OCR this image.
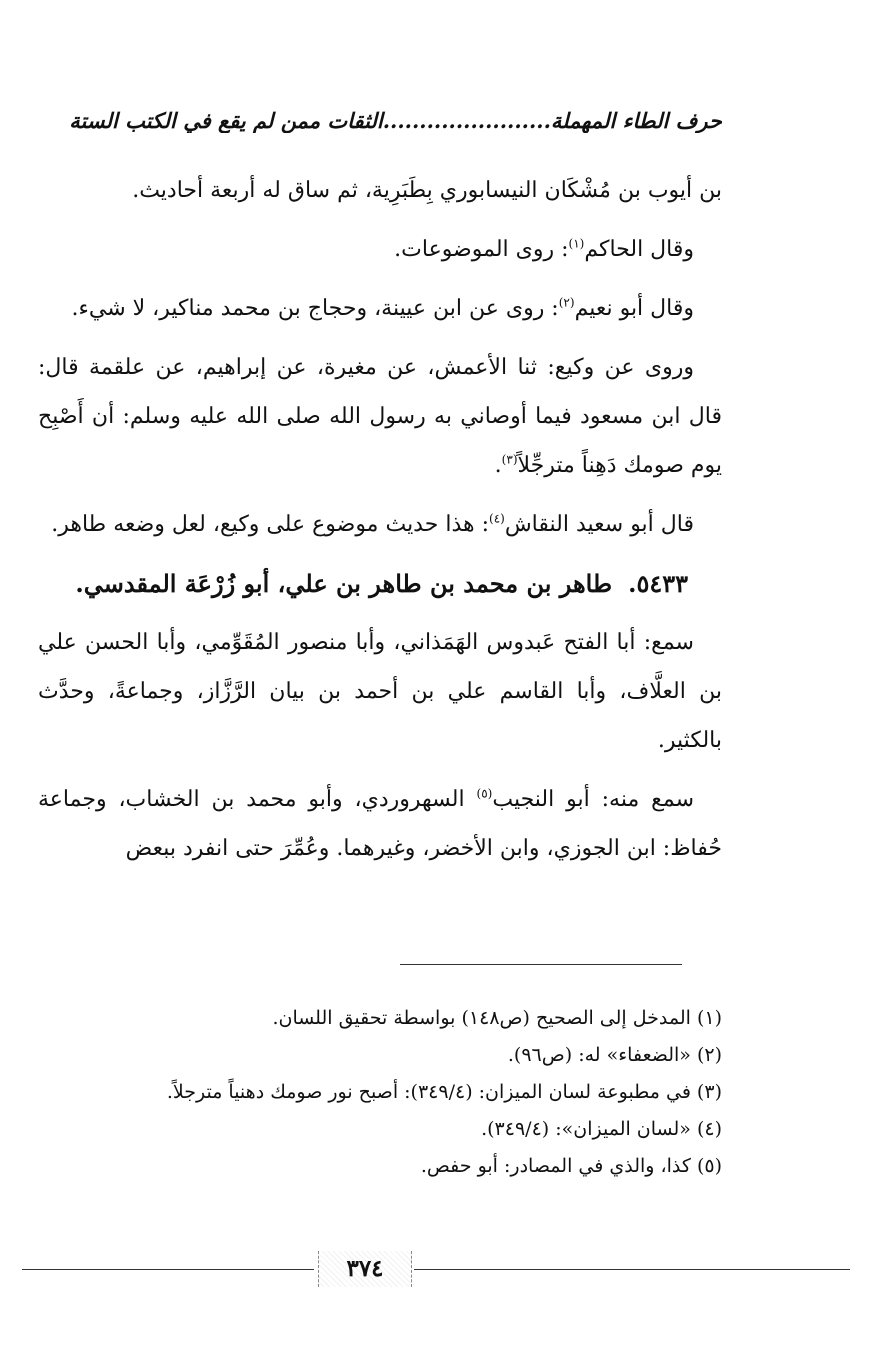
حرف الطاء المهملة.......................الثقات ممن لم يقع في الكتب الستة

بن أيوب بن مُشْكَان النيسابوري بِطَبَرِية، ثم ساق له أربعة أحاديث.

وقال الحاكم$^{(١)}$: روى الموضوعات.

وقال أبو نعيم$^{(٢)}$: روى عن ابن عيينة، وحجاج بن محمد مناكير، لا شيء.

وروى عن وكيع: ثنا الأعمش، عن مغيرة، عن إبراهيم، عن علقمة قال: قال ابن مسعود فيما أوصاني به رسول الله صلى الله عليه وسلم: أن أَصْبِح يوم صومك دَهِناً مترجِّلاً$^{(٣)}$.

قال أبو سعيد النقاش$^{(٤)}$: هذا حديث موضوع على وكيع، لعل وضعه طاهر.

٥٤٣٣.طاهر بن محمد بن طاهر بن علي، أبو زُرْعَة المقدسي.

سمع: أبا الفتح عَبدوس الهَمَذاني، وأبا منصور المُقَوِّمي، وأبا الحسن علي بن العلَّاف، وأبا القاسم علي بن أحمد بن بيان الرَّزَّاز، وجماعةً، وحدَّث بالكثير.

سمع منه: أبو النجيب$^{(٥)}$ السهروردي، وأبو محمد بن الخشاب، وجماعة حُفاظ: ابن الجوزي، وابن الأخضر، وغيرهما. وعُمِّرَ حتى انفرد ببعض

(١) المدخل إلى الصحيح (ص١٤٨) بواسطة تحقيق اللسان.
(٢) «الضعفاء» له: (ص٩٦).
(٣) في مطبوعة لسان الميزان: (٣٤٩/٤): أصبح نور صومك دهنياً مترجلاً.
(٤) «لسان الميزان»: (٣٤٩/٤).
(٥) كذا، والذي في المصادر: أبو حفص.
٣٧٤
